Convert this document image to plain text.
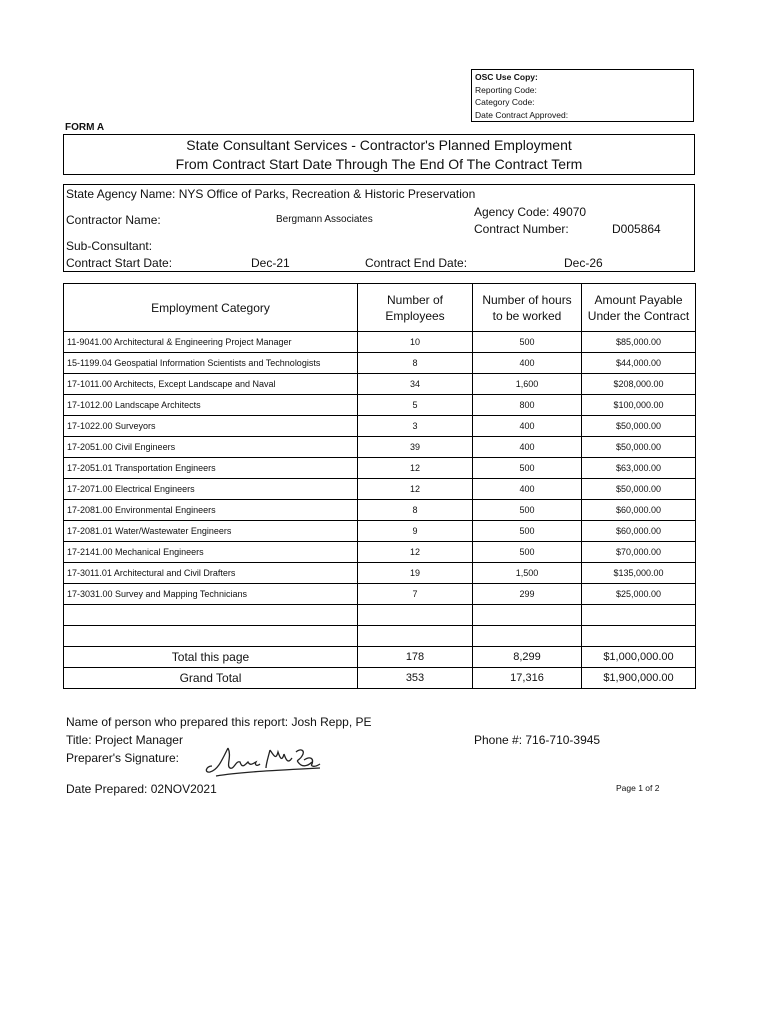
OSC Use Copy:
Reporting Code:
Category Code:
Date Contract Approved:
FORM A
State Consultant Services - Contractor's Planned Employment
From Contract Start Date Through The End Of The Contract Term
State Agency Name: NYS Office of Parks, Recreation & Historic Preservation
Contractor Name:	Bergmann Associates
Agency Code: 49070
Contract Number:	D005864
Sub-Consultant:
Contract Start Date:	Dec-21	Contract End Date:	Dec-26
Employment Category	Number of Employees	Number of hours to be worked	Amount Payable Under the Contract
11-9041.00 Architectural & Engineering Project Manager	10	500	$85,000.00
15-1199.04 Geospatial Information Scientists and Technologists	8	400	$44,000.00
17-1011.00 Architects, Except Landscape and Naval	34	1,600	$208,000.00
17-1012.00 Landscape Architects	5	800	$100,000.00
17-1022.00 Surveyors	3	400	$50,000.00
17-2051.00 Civil Engineers	39	400	$50,000.00
17-2051.01 Transportation Engineers	12	500	$63,000.00
17-2071.00 Electrical Engineers	12	400	$50,000.00
17-2081.00 Environmental Engineers	8	500	$60,000.00
17-2081.01 Water/Wastewater Engineers	9	500	$60,000.00
17-2141.00 Mechanical Engineers	12	500	$70,000.00
17-3011.01 Architectural and Civil Drafters	19	1,500	$135,000.00
17-3031.00 Survey and Mapping Technicians	7	299	$25,000.00

Total this page	178	8,299	$1,000,000.00
Grand Total	353	17,316	$1,900,000.00
Name of person who prepared this report: Josh Repp, PE
Title: Project Manager	Phone #: 716-710-3945
Preparer's Signature:
Date Prepared: 02NOV2021	Page 1 of 2
